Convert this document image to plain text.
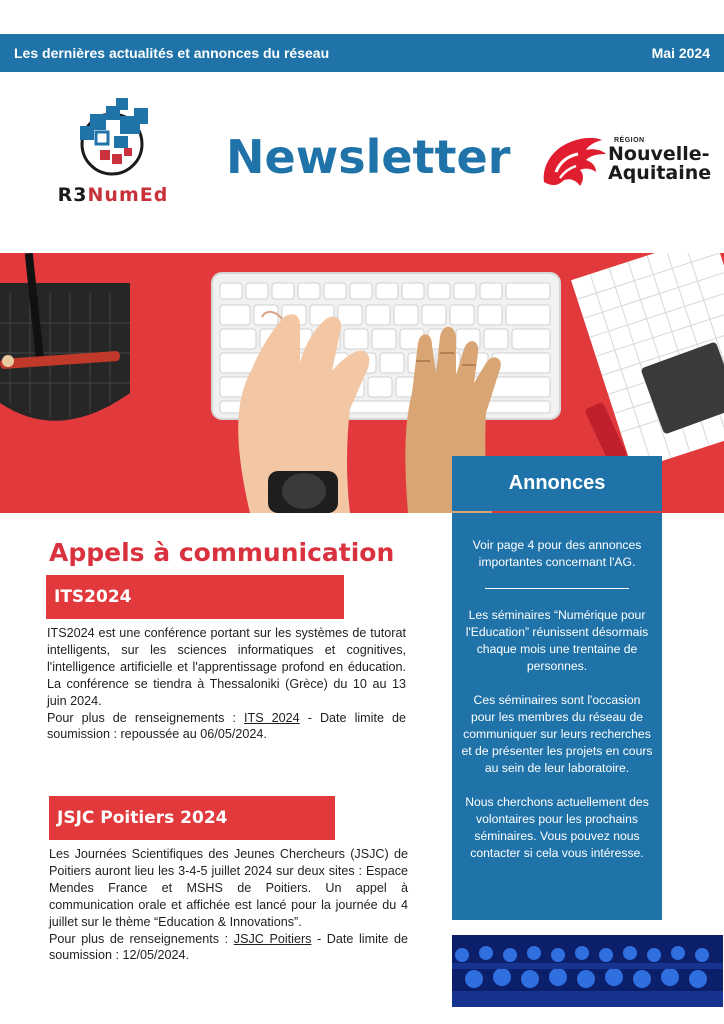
Les dernières actualités et annonces du réseau	Mai 2024
R3NumEd
Newsletter	RÉGION
Nouvelle-
Aquitaine
Annonces

Voir page 4 pour des annonces importantes concernant l'AG.

Les séminaires “Numérique pour l'Education” réunissent désormais chaque mois une trentaine de personnes.

Ces séminaires sont l'occasion pour les membres du réseau de communiquer sur leurs recherches et de présenter les projets en cours au sein de leur laboratoire.

Nous cherchons actuellement des volontaires pour les prochains séminaires. Vous pouvez nous contacter si cela vous intéresse.

Appels à communication
ITS2024
ITS2024 est une conférence portant sur les systèmes de tutorat intelligents, sur les sciences informatiques et cognitives, l'intelligence artificielle et l'apprentissage profond en éducation. La conférence se tiendra à Thessaloniki (Grèce) du 10 au 13 juin 2024.
Pour plus de renseignements : ITS 2024 - Date limite de soumission : repoussée au 06/05/2024.
JSJC Poitiers 2024
Les Journées Scientifiques des Jeunes Chercheurs (JSJC) de Poitiers auront lieu les 3-4-5 juillet 2024 sur deux sites : Espace Mendes France et MSHS de Poitiers. Un appel à communication orale et affichée est lancé pour la journée du 4 juillet sur le thème “Education & Innovations”.
Pour plus de renseignements : JSJC Poitiers - Date limite de soumission : 12/05/2024.
